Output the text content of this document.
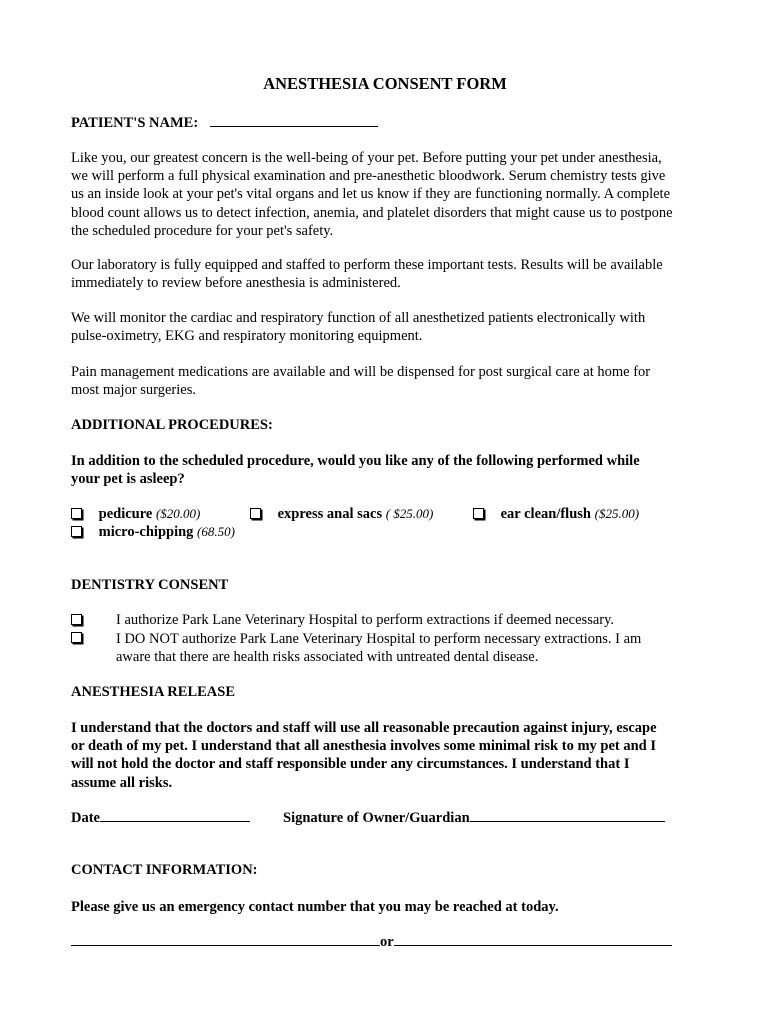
ANESTHESIA CONSENT FORM
PATIENT'S NAME:
Like you, our greatest concern is the well-being of your pet. Before putting your pet under anesthesia,
we will perform a full physical examination and pre-anesthetic bloodwork. Serum chemistry tests give
us an inside look at your pet's vital organs and let us know if they are functioning normally. A complete
blood count allows us to detect infection, anemia, and platelet disorders that might cause us to postpone
the scheduled procedure for your pet's safety.
Our laboratory is fully equipped and staffed to perform these important tests. Results will be available
immediately to review before anesthesia is administered.
We will monitor the cardiac and respiratory function of all anesthetized patients electronically with
pulse-oximetry, EKG and respiratory monitoring equipment.
Pain management medications are available and will be dispensed for post surgical care at home for
most major surgeries.
ADDITIONAL PROCEDURES:
In addition to the scheduled procedure, would you like any of the following performed while
your pet is asleep?
pedicure ($20.00)	express anal sacs ( $25.00)	ear clean/flush ($25.00)
micro-chipping (68.50)
DENTISTRY CONSENT
I authorize Park Lane Veterinary Hospital to perform extractions if deemed necessary.
I DO NOT authorize Park Lane Veterinary Hospital to perform necessary extractions. I am
aware that there are health risks associated with untreated dental disease.
ANESTHESIA RELEASE
I understand that the doctors and staff will use all reasonable precaution against injury, escape
or death of my pet. I understand that all anesthesia involves some minimal risk to my pet and I
will not hold the doctor and staff responsible under any circumstances. I understand that I
assume all risks.
Date	Signature of Owner/Guardian
CONTACT INFORMATION:
Please give us an emergency contact number that you may be reached at today.
or
